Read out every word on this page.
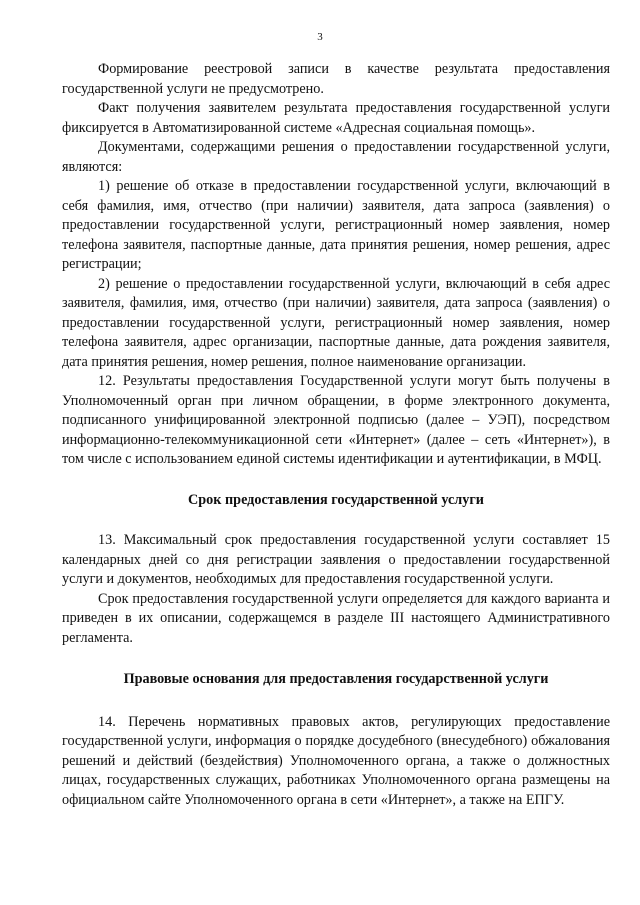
3

Формирование реестровой записи в качестве результата предоставления государственной услуги не предусмотрено.

Факт получения заявителем результата предоставления государственной услуги фиксируется в Автоматизированной системе «Адресная социальная помощь».

Документами, содержащими решения о предоставлении государственной услуги, являются:

1) решение об отказе в предоставлении государственной услуги, включающий в себя фамилия, имя, отчество (при наличии) заявителя, дата запроса (заявления) о предоставлении государственной услуги, регистрационный номер заявления, номер телефона заявителя, паспортные данные, дата принятия решения, номер решения, адрес регистрации;

2) решение о предоставлении государственной услуги, включающий в себя адрес заявителя, фамилия, имя, отчество (при наличии) заявителя, дата запроса (заявления) о предоставлении государственной услуги, регистрационный номер заявления, номер телефона заявителя, адрес организации, паспортные данные, дата рождения заявителя, дата принятия решения, номер решения, полное наименование организации.

12. Результаты предоставления Государственной услуги могут быть получены в Уполномоченный орган при личном обращении, в форме электронного документа, подписанного унифицированной электронной подписью (далее – УЭП), посредством информационно-телекоммуникационной сети «Интернет» (далее – сеть «Интернет»), в том числе с использованием единой системы идентификации и аутентификации, в МФЦ.

Срок предоставления государственной услуги

13. Максимальный срок предоставления государственной услуги составляет 15 календарных дней со дня регистрации заявления о предоставлении государственной услуги и документов, необходимых для предоставления государственной услуги.

Срок предоставления государственной услуги определяется для каждого варианта и приведен в их описании, содержащемся в разделе III настоящего Административного регламента.

Правовые основания для предоставления государственной услуги

14. Перечень нормативных правовых актов, регулирующих предоставление государственной услуги, информация о порядке досудебного (внесудебного) обжалования решений и действий (бездействия) Уполномоченного органа, а также о должностных лицах, государственных служащих, работниках Уполномоченного органа размещены на официальном сайте Уполномоченного органа в сети «Интернет», а также на ЕПГУ.
